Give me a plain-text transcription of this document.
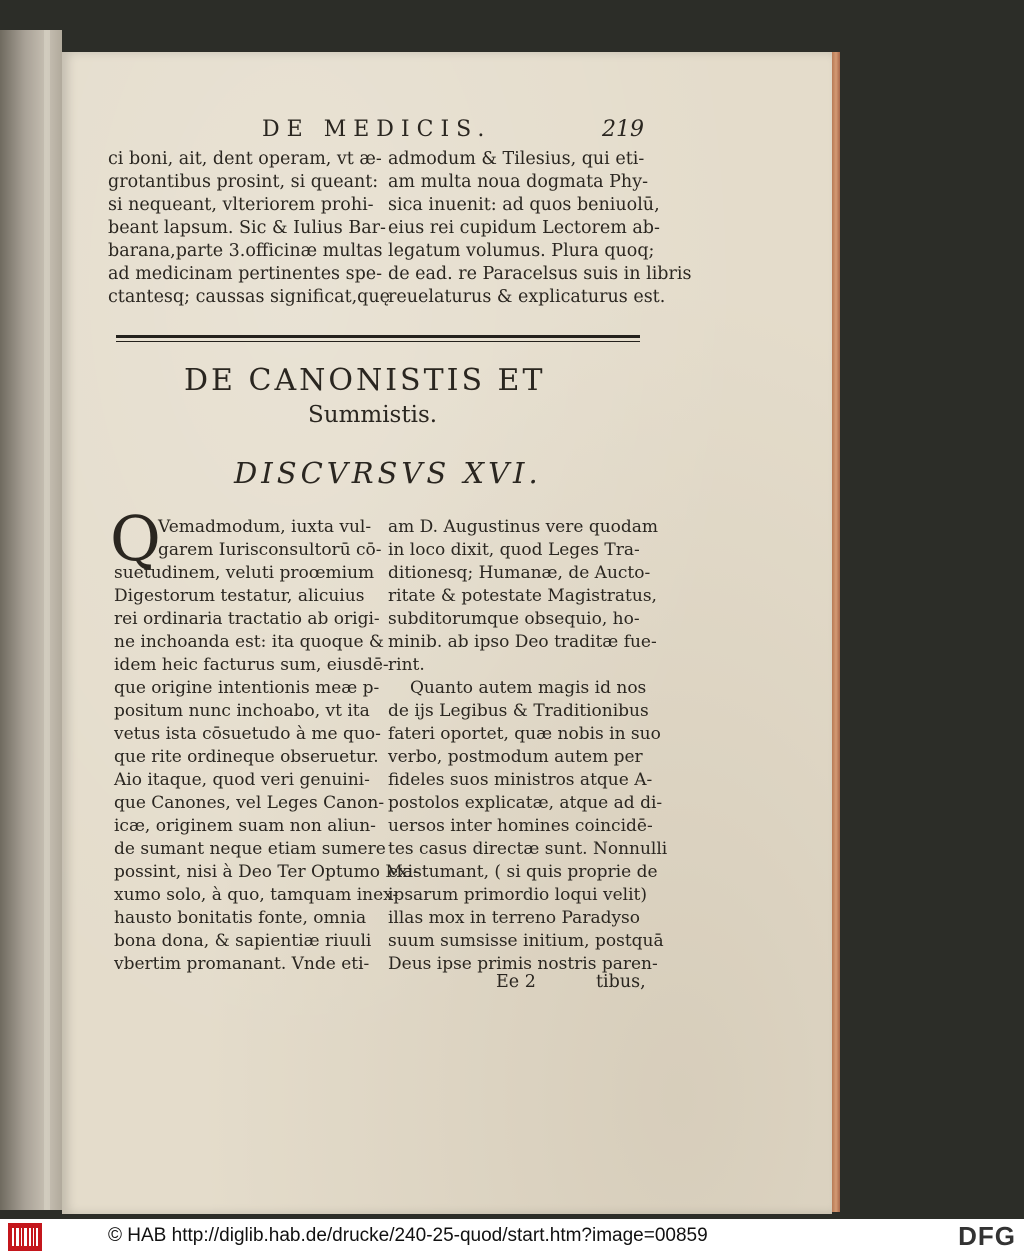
DE MEDICIS.	219
ci boni, ait, dent operam, vt æ-
grotantibus prosint, si queant:
si nequeant, vlteriorem prohi-
beant lapsum. Sic & Iulius Bar-
barana,parte 3.officinæ multas
ad medicinam pertinentes spe-
ctantesq; caussas significat,quę
admodum & Tilesius, qui eti-
am multa noua dogmata Phy-
sica inuenit: ad quos beniuolū,
eius rei cupidum Lectorem ab-
legatum volumus. Plura quoq;
de ead. re Paracelsus suis in libris
reuelaturus & explicaturus est.
DE CANONISTIS ET
Summistis.
DISCVRSVS XVI.
Q
Vemadmodum, iuxta vul-
garem Iurisconsultorū cō-
suetudinem, veluti proœmium
Digestorum testatur, alicuius
rei ordinaria tractatio ab origi-
ne inchoanda est: ita quoque &
idem heic facturus sum, eiusdē-
que origine intentionis meæ p-
positum nunc inchoabo, vt ita
vetus ista cōsuetudo à me quo-
que rite ordineque obseruetur.
Aio itaque, quod veri genuini-
que Canones, vel Leges Canon-
icæ, originem suam non aliun-
de sumant neque etiam sumere
possint, nisi à Deo Ter Optumo Ma-
xumo solo, à quo, tamquam inex-
hausto bonitatis fonte, omnia
bona dona, & sapientiæ riuuli
vbertim promanant. Vnde eti-
am D. Augustinus vere quodam
in loco dixit, quod Leges Tra-
ditionesq; Humanæ, de Aucto-
ritate & potestate Magistratus,
subditorumque obsequio, ho-
minib. ab ipso Deo traditæ fue-
rint.
Quanto autem magis id nos
de ijs Legibus & Traditionibus
fateri oportet, quæ nobis in suo
verbo, postmodum autem per
fideles suos ministros atque A-
postolos explicatæ, atque ad di-
uersos inter homines coincidē-
tes casus directæ sunt. Nonnulli
existumant, ( si quis proprie de
ipsarum primordio loqui velit)
illas mox in terreno Paradyso
suum sumsisse initium, postquā
Deus ipse primis nostris paren-
Ee 2	tibus,
© HAB http://diglib.hab.de/drucke/240-25-quod/start.htm?image=00859	DFG
